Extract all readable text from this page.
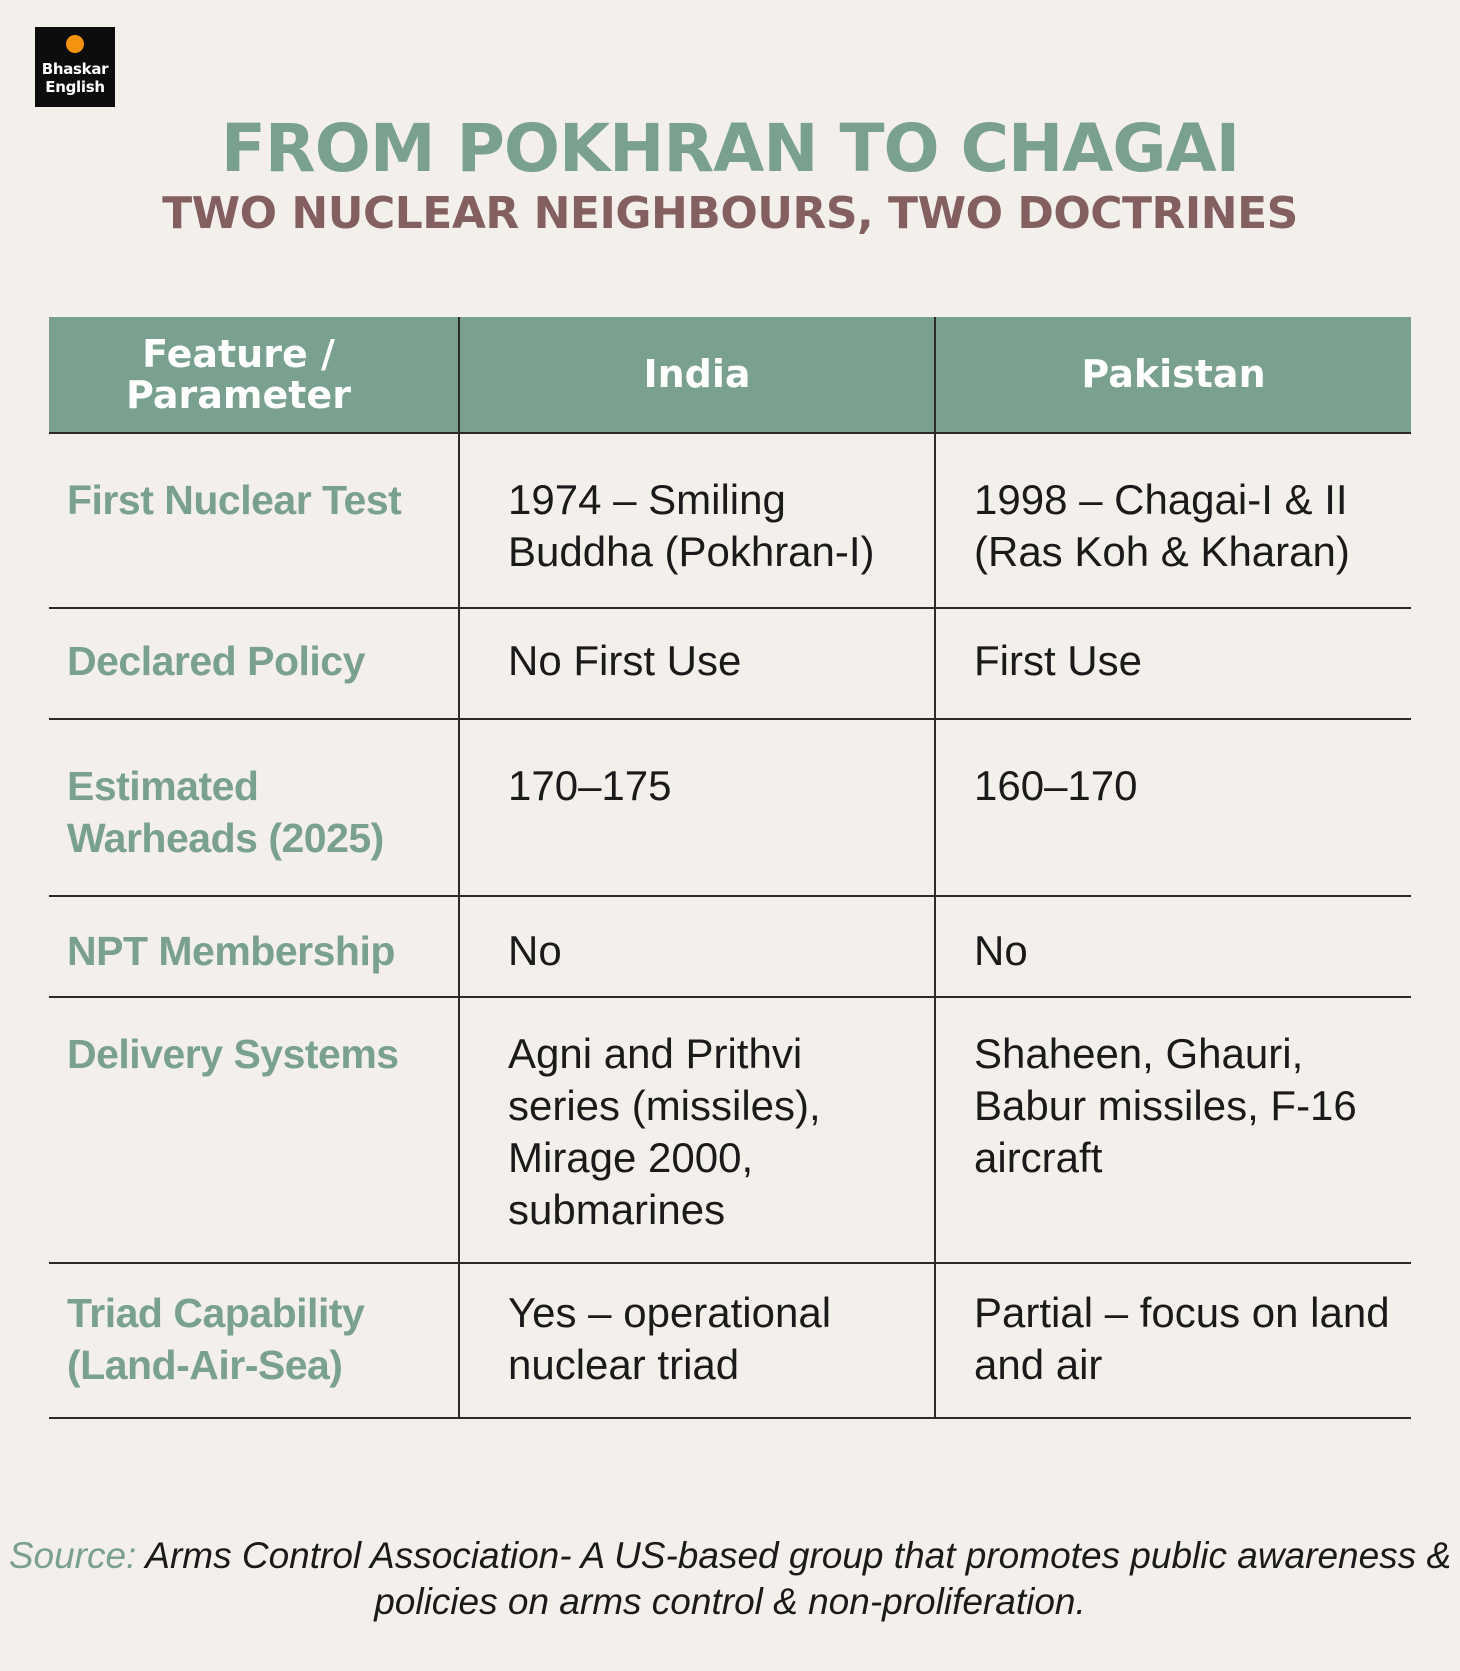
Bhaskar
English
FROM POKHRAN TO CHAGAI
TWO NUCLEAR NEIGHBOURS, TWO DOCTRINES
Feature / Parameter	India	Pakistan
First Nuclear Test	1974 – Smiling Buddha (Pokhran-I)	1998 – Chagai-I & II (Ras Koh & Kharan)
Declared Policy	No First Use	First Use
Estimated Warheads (2025)	170–175	160–170
NPT Membership	No	No
Delivery Systems	Agni and Prithvi series (missiles), Mirage 2000, submarines	Shaheen, Ghauri, Babur missiles, F-16 aircraft
Triad Capability (Land-Air-Sea)	Yes – operational nuclear triad	Partial – focus on land and air

Source: Arms Control Association- A US-based group that promotes public awareness & policies on arms control & non-proliferation.
